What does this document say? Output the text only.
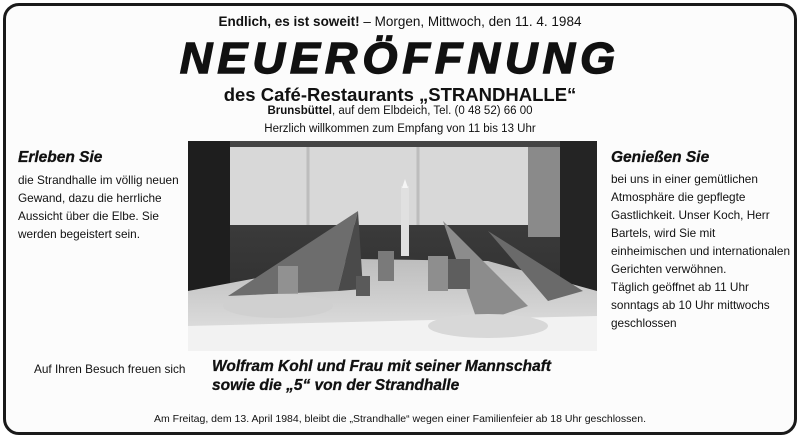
Endlich, es ist soweit! – Morgen, Mittwoch, den 11. 4. 1984
NEUERÖFFNUNG
des Café-Restaurants „STRANDHALLE“
Brunsbüttel, auf dem Elbdeich, Tel. (0 48 52) 66 00
Herzlich willkommen zum Empfang von 11 bis 13 Uhr
Erleben Sie
die Strandhalle im völlig neuen Gewand, dazu die herrliche Aussicht über die Elbe. Sie werden begeistert sein.
Genießen Sie
bei uns in einer gemütlichen Atmosphäre die gepflegte Gastlichkeit. Unser Koch, Herr Bartels, wird Sie mit einheimischen und internationalen Gerichten verwöhnen.
Täglich geöffnet ab 11 Uhr sonntags ab 10 Uhr mittwochs geschlossen
Auf Ihren Besuch freuen sich Wolfram Kohl und Frau mit seiner Mannschaft
sowie die „5“ von der Strandhalle
Am Freitag, dem 13. April 1984, bleibt die „Strandhalle“ wegen einer Familienfeier ab 18 Uhr geschlossen.
